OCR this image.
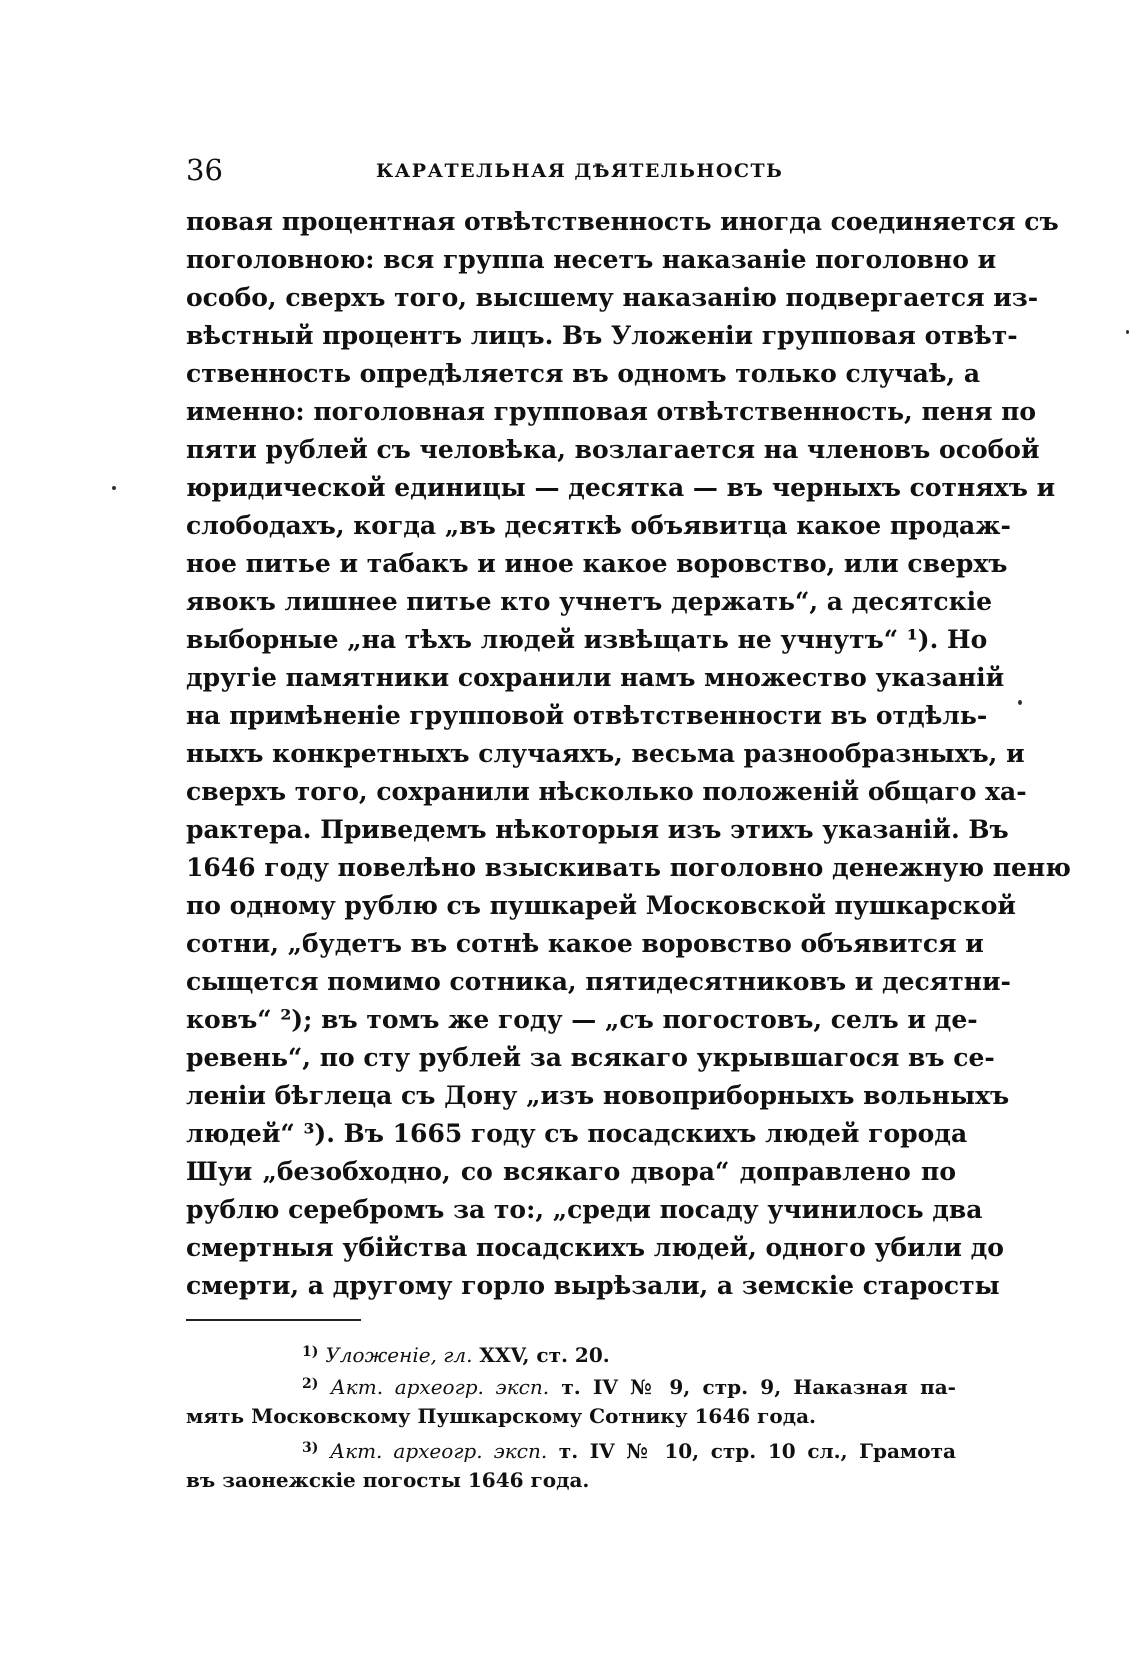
36	КАРАТЕЛЬНАЯ ДѢЯТЕЛЬНОСТЬ
повая процентная отвѣтственность иногда соединяется съ
поголовною: вся группа несетъ наказаніе поголовно и
особо, сверхъ того, высшему наказанію подвергается из-
вѣстный процентъ лицъ. Въ Уложеніи групповая отвѣт-
ственность опредѣляется въ одномъ только случаѣ, а
именно: поголовная групповая отвѣтственность, пеня по
пяти рублей съ человѣка, возлагается на членовъ особой
юридической единицы — десятка — въ черныхъ сотняхъ и
слободахъ, когда „въ десяткѣ объявитца какое продаж-
ное питье и табакъ и иное какое воровство, или сверхъ
явокъ лишнее питье кто учнетъ держать“, а десятскіе
выборные „на тѣхъ людей извѣщать не учнутъ“ ¹). Но
другіе памятники сохранили намъ множество указаній
на примѣненіе групповой отвѣтственности въ отдѣль-
ныхъ конкретныхъ случаяхъ, весьма разнообразныхъ, и
сверхъ того, сохранили нѣсколько положеній общаго ха-
рактера. Приведемъ нѣкоторыя изъ этихъ указаній. Въ
1646 году повелѣно взыскивать поголовно денежную пеню
по одному рублю съ пушкарей Московской пушкарской
сотни, „будетъ въ сотнѣ какое воровство объявится и
сыщется помимо сотника, пятидесятниковъ и десятни-
ковъ“ ²); въ томъ же году — „съ погостовъ, селъ и де-
ревень“, по сту рублей за всякаго укрывшагося въ се-
леніи бѣглеца съ Дону „изъ новоприборныхъ вольныхъ
людей“ ³). Въ 1665 году съ посадскихъ людей города
Шуи „безобходно, со всякаго двора“ доправлено по
рублю серебромъ за то:, „среди посаду учинилось два
смертныя убійства посадскихъ людей, одного убили до
смерти, а другому горло вырѣзали, а земскіе старосты
$^{1)}$ Уложеніе, гл. XXV, ст. 20.
$^{2)}$ Акт. археогр. эксп. т. IV № 9, стр. 9, Наказная па-
мять Московскому Пушкарскому Сотнику 1646 года.
$^{3)}$ Акт. археогр. эксп. т. IV № 10, стр. 10 сл., Грамота
въ заонежскіе погосты 1646 года.
